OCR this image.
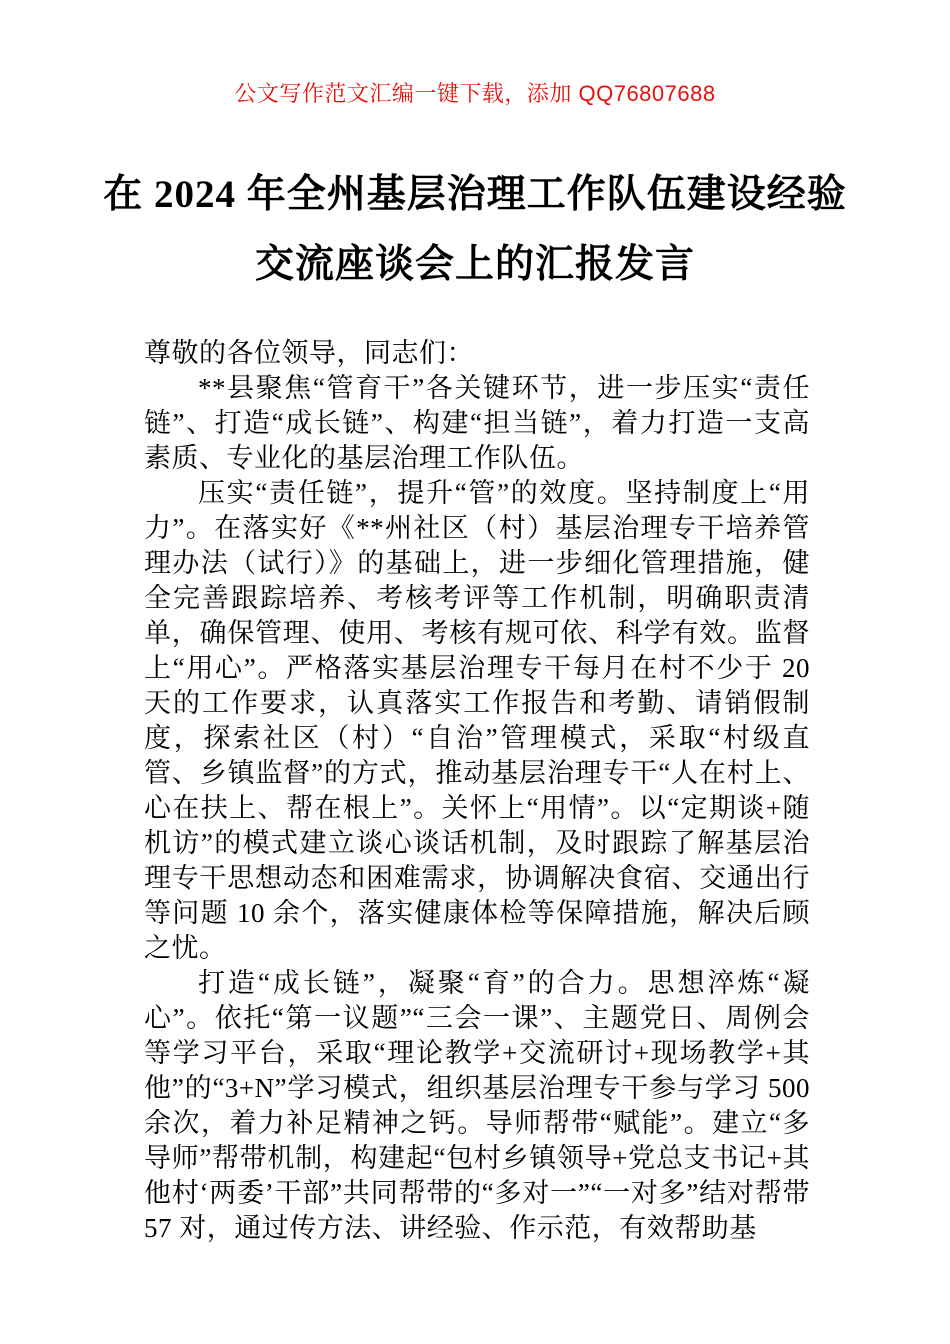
公文写作范文汇编一键下载，添加 QQ76807688
在 2024 年全州基层治理工作队伍建设经验
交流座谈会上的汇报发言

尊敬的各位领导，同志们：

**县聚焦“管育干”各关键环节，进一步压实“责任链”、打造“成长链”、构建“担当链”，着力打造一支高素质、专业化的基层治理工作队伍。

压实“责任链”，提升“管”的效度。坚持制度上“用力”。在落实好《**州社区（村）基层治理专干培养管理办法（试行）》的基础上，进一步细化管理措施，健全完善跟踪培养、考核考评等工作机制，明确职责清单，确保管理、使用、考核有规可依、科学有效。监督上“用心”。严格落实基层治理专干每月在村不少于 20 天的工作要求，认真落实工作报告和考勤、请销假制度，探索社区（村）“自治”管理模式，采取“村级直管、乡镇监督”的方式，推动基层治理专干“人在村上、心在扶上、帮在根上”。关怀上“用情”。以“定期谈+随机访”的模式建立谈心谈话机制，及时跟踪了解基层治理专干思想动态和困难需求，协调解决食宿、交通出行等问题 10 余个，落实健康体检等保障措施，解决后顾之忧。

打造“成长链”，凝聚“育”的合力。思想淬炼“凝心”。依托“第一议题”“三会一课”、主题党日、周例会等学习平台，采取“理论教学+交流研讨+现场教学+其他”的“3+N”学习模式，组织基层治理专干参与学习 500 余次，着力补足精神之钙。导师帮带“赋能”。建立“多导师”帮带机制，构建起“包村乡镇领导+党总支书记+其他村‘两委’干部”共同帮带的“多对一”“一对多”结对帮带 57 对，通过传方法、讲经验、作示范，有效帮助基
